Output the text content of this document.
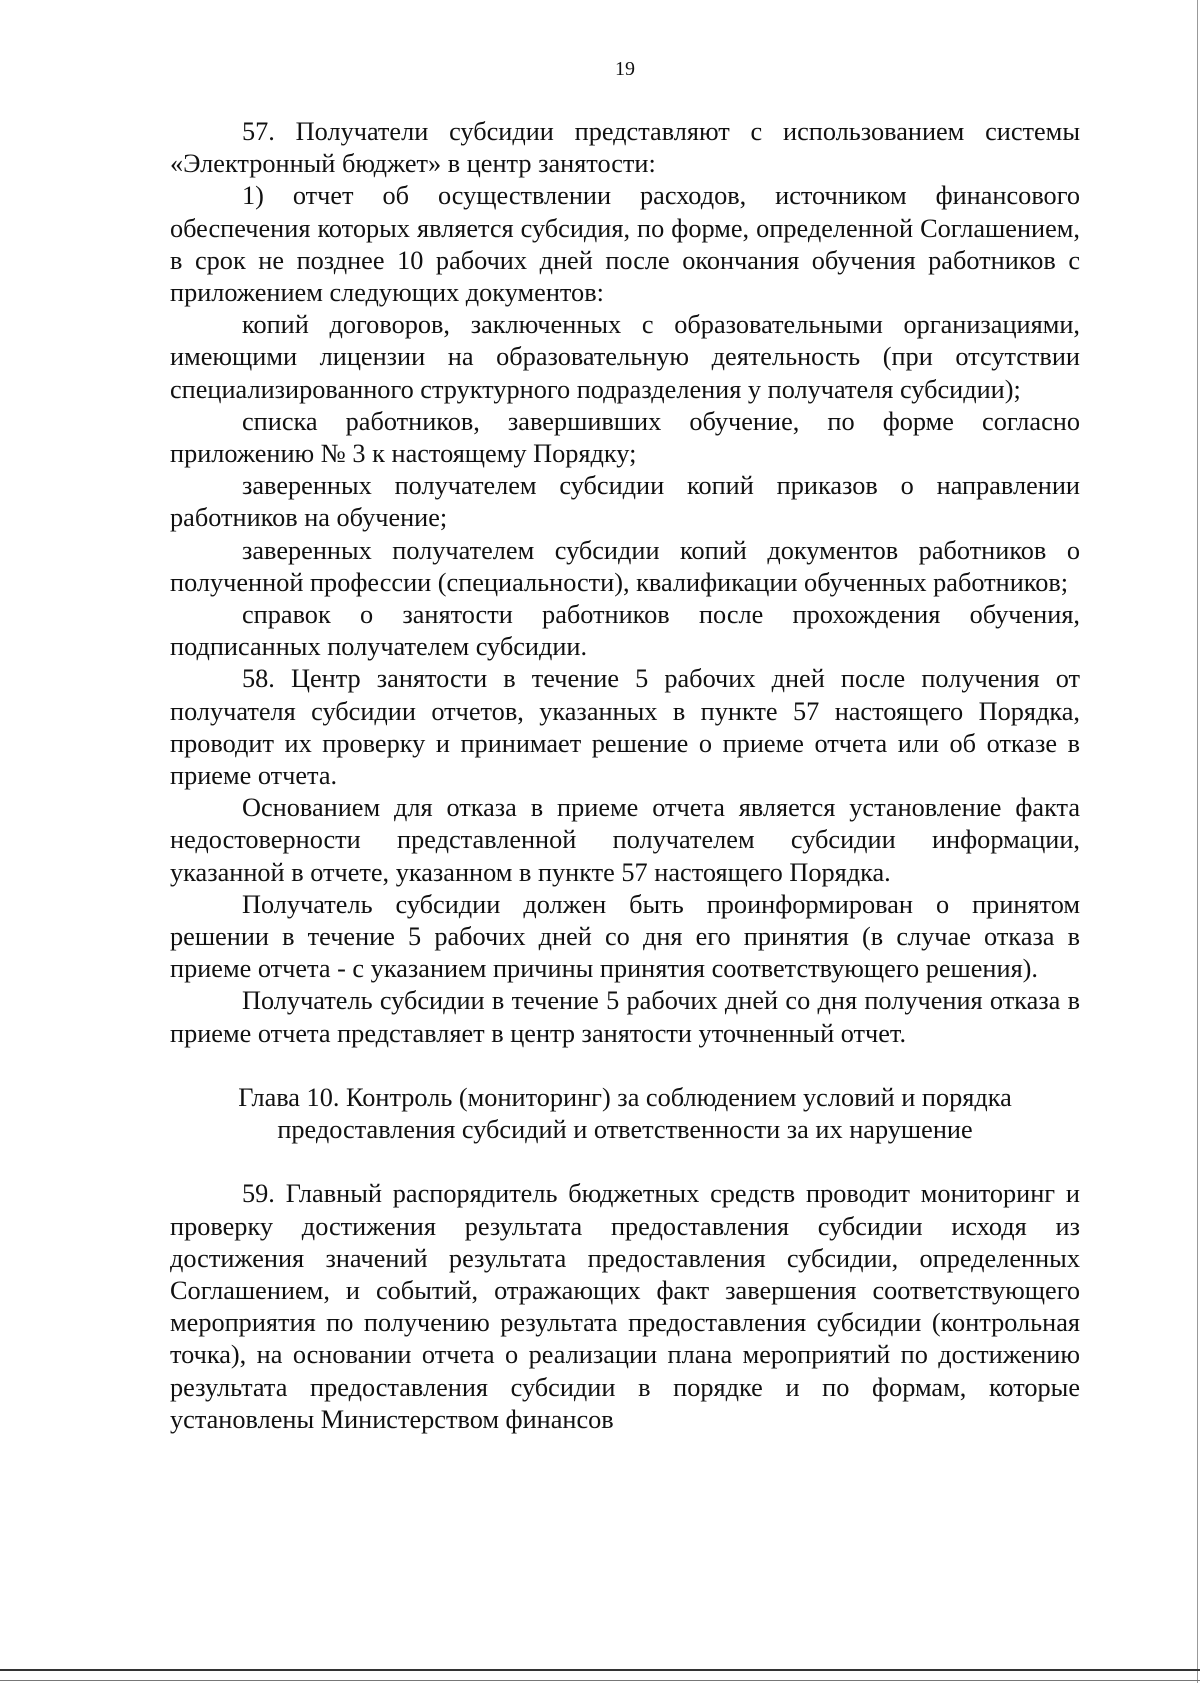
19

57. Получатели субсидии представляют с использованием системы «Электронный бюджет» в центр занятости:

1) отчет об осуществлении расходов, источником финансового обеспечения которых является субсидия, по форме, определенной Соглашением, в срок не позднее 10 рабочих дней после окончания обучения работников с приложением следующих документов:

копий договоров, заключенных с образовательными организациями, имеющими лицензии на образовательную деятельность (при отсутствии специализированного структурного подразделения у получателя субсидии);

списка работников, завершивших обучение, по форме согласно приложению № 3 к настоящему Порядку;

заверенных получателем субсидии копий приказов о направлении работников на обучение;

заверенных получателем субсидии копий документов работников о полученной профессии (специальности), квалификации обученных работников;

справок о занятости работников после прохождения обучения, подписанных получателем субсидии.

58. Центр занятости в течение 5 рабочих дней после получения от получателя субсидии отчетов, указанных в пункте 57 настоящего Порядка, проводит их проверку и принимает решение о приеме отчета или об отказе в приеме отчета.

Основанием для отказа в приеме отчета является установление факта недостоверности представленной получателем субсидии информации, указанной в отчете, указанном в пункте 57 настоящего Порядка.

Получатель субсидии должен быть проинформирован о принятом решении в течение 5 рабочих дней со дня его принятия (в случае отказа в приеме отчета - с указанием причины принятия соответствующего решения).

Получатель субсидии в течение 5 рабочих дней со дня получения отказа в приеме отчета представляет в центр занятости уточненный отчет.

Глава 10. Контроль (мониторинг) за соблюдением условий и порядка
предоставления субсидий и ответственности за их нарушение

59. Главный распорядитель бюджетных средств проводит мониторинг и проверку достижения результата предоставления субсидии исходя из достижения значений результата предоставления субсидии, определенных Соглашением, и событий, отражающих факт завершения соответствующего мероприятия по получению результата предоставления субсидии (контрольная точка), на основании отчета о реализации плана мероприятий по достижению результата предоставления субсидии в порядке и по формам, которые установлены Министерством финансов
